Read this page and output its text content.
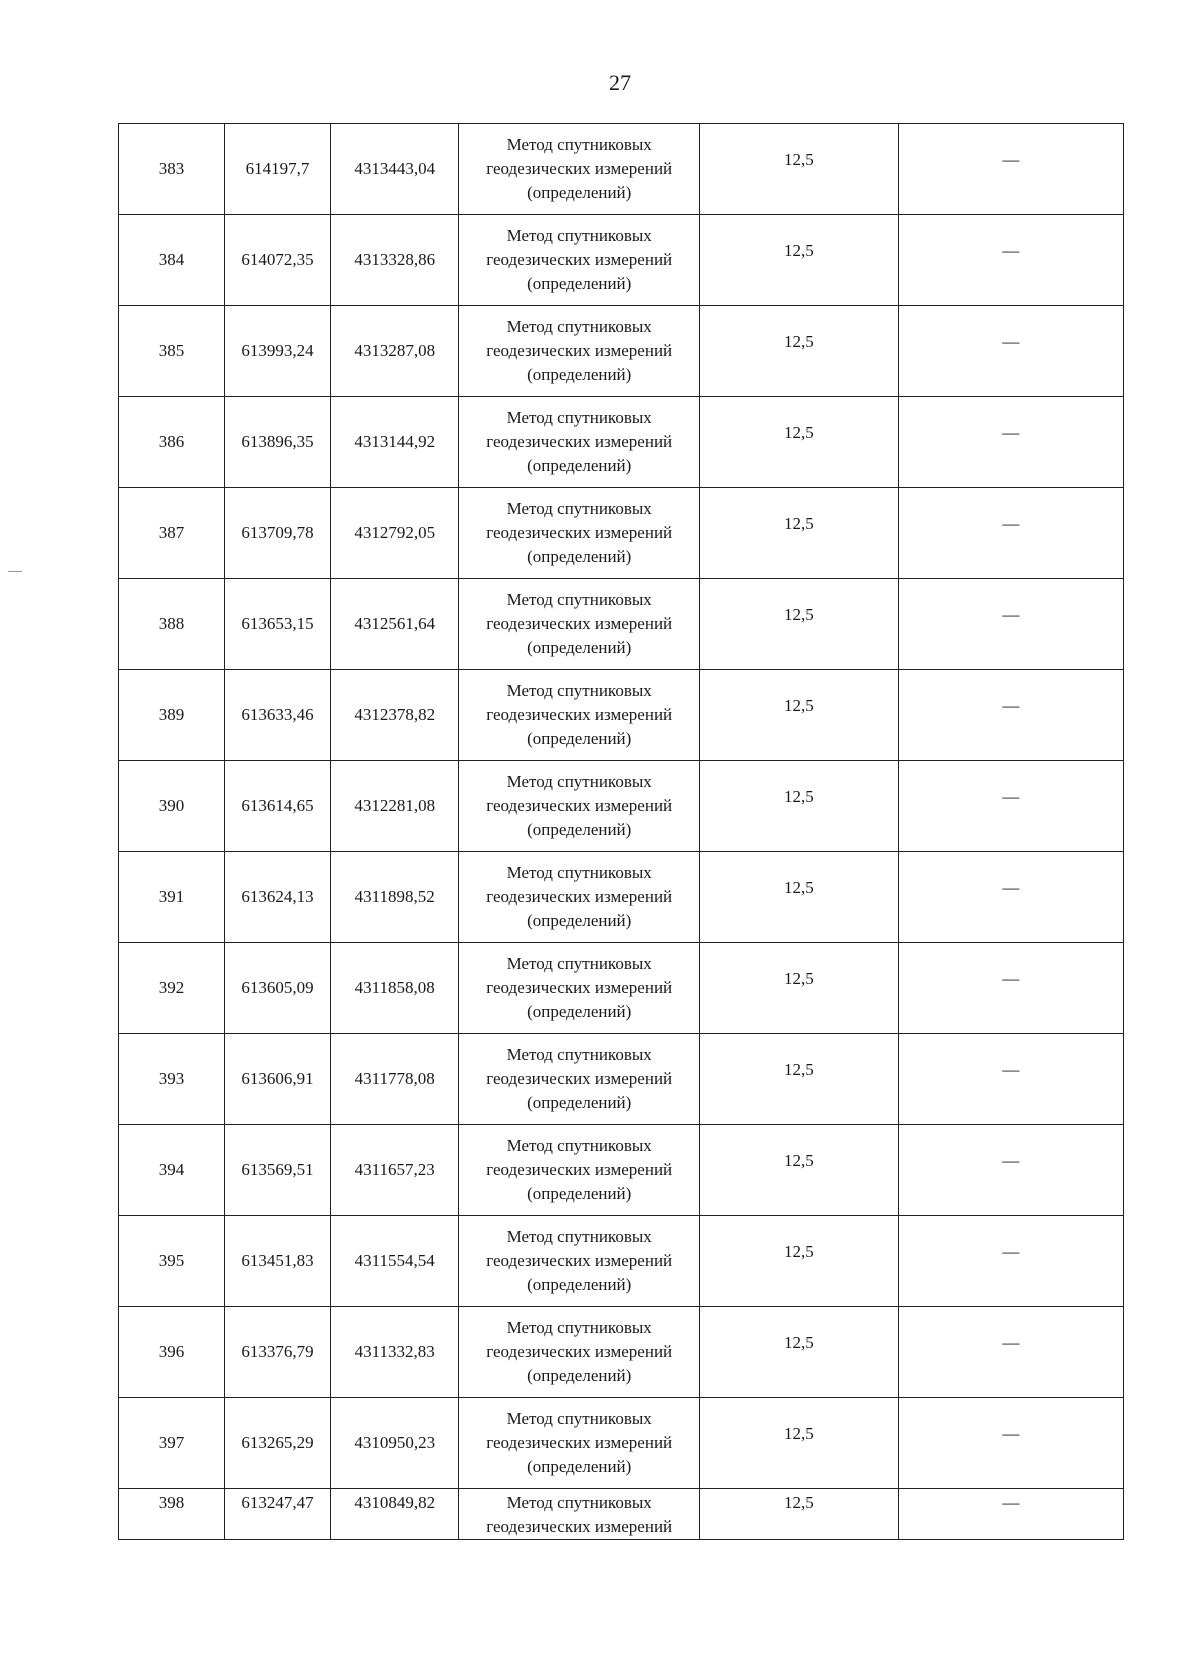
27
383	614197,7	4313443,04	Метод спутниковых
геодезических измерений
(определений)	12,5	—
384	614072,35	4313328,86	Метод спутниковых
геодезических измерений
(определений)	12,5	—
385	613993,24	4313287,08	Метод спутниковых
геодезических измерений
(определений)	12,5	—
386	613896,35	4313144,92	Метод спутниковых
геодезических измерений
(определений)	12,5	—
387	613709,78	4312792,05	Метод спутниковых
геодезических измерений
(определений)	12,5	—
388	613653,15	4312561,64	Метод спутниковых
геодезических измерений
(определений)	12,5	—
389	613633,46	4312378,82	Метод спутниковых
геодезических измерений
(определений)	12,5	—
390	613614,65	4312281,08	Метод спутниковых
геодезических измерений
(определений)	12,5	—
391	613624,13	4311898,52	Метод спутниковых
геодезических измерений
(определений)	12,5	—
392	613605,09	4311858,08	Метод спутниковых
геодезических измерений
(определений)	12,5	—
393	613606,91	4311778,08	Метод спутниковых
геодезических измерений
(определений)	12,5	—
394	613569,51	4311657,23	Метод спутниковых
геодезических измерений
(определений)	12,5	—
395	613451,83	4311554,54	Метод спутниковых
геодезических измерений
(определений)	12,5	—
396	613376,79	4311332,83	Метод спутниковых
геодезических измерений
(определений)	12,5	—
397	613265,29	4310950,23	Метод спутниковых
геодезических измерений
(определений)	12,5	—
398	613247,47	4310849,82	Метод спутниковых
геодезических измерений	12,5	—
